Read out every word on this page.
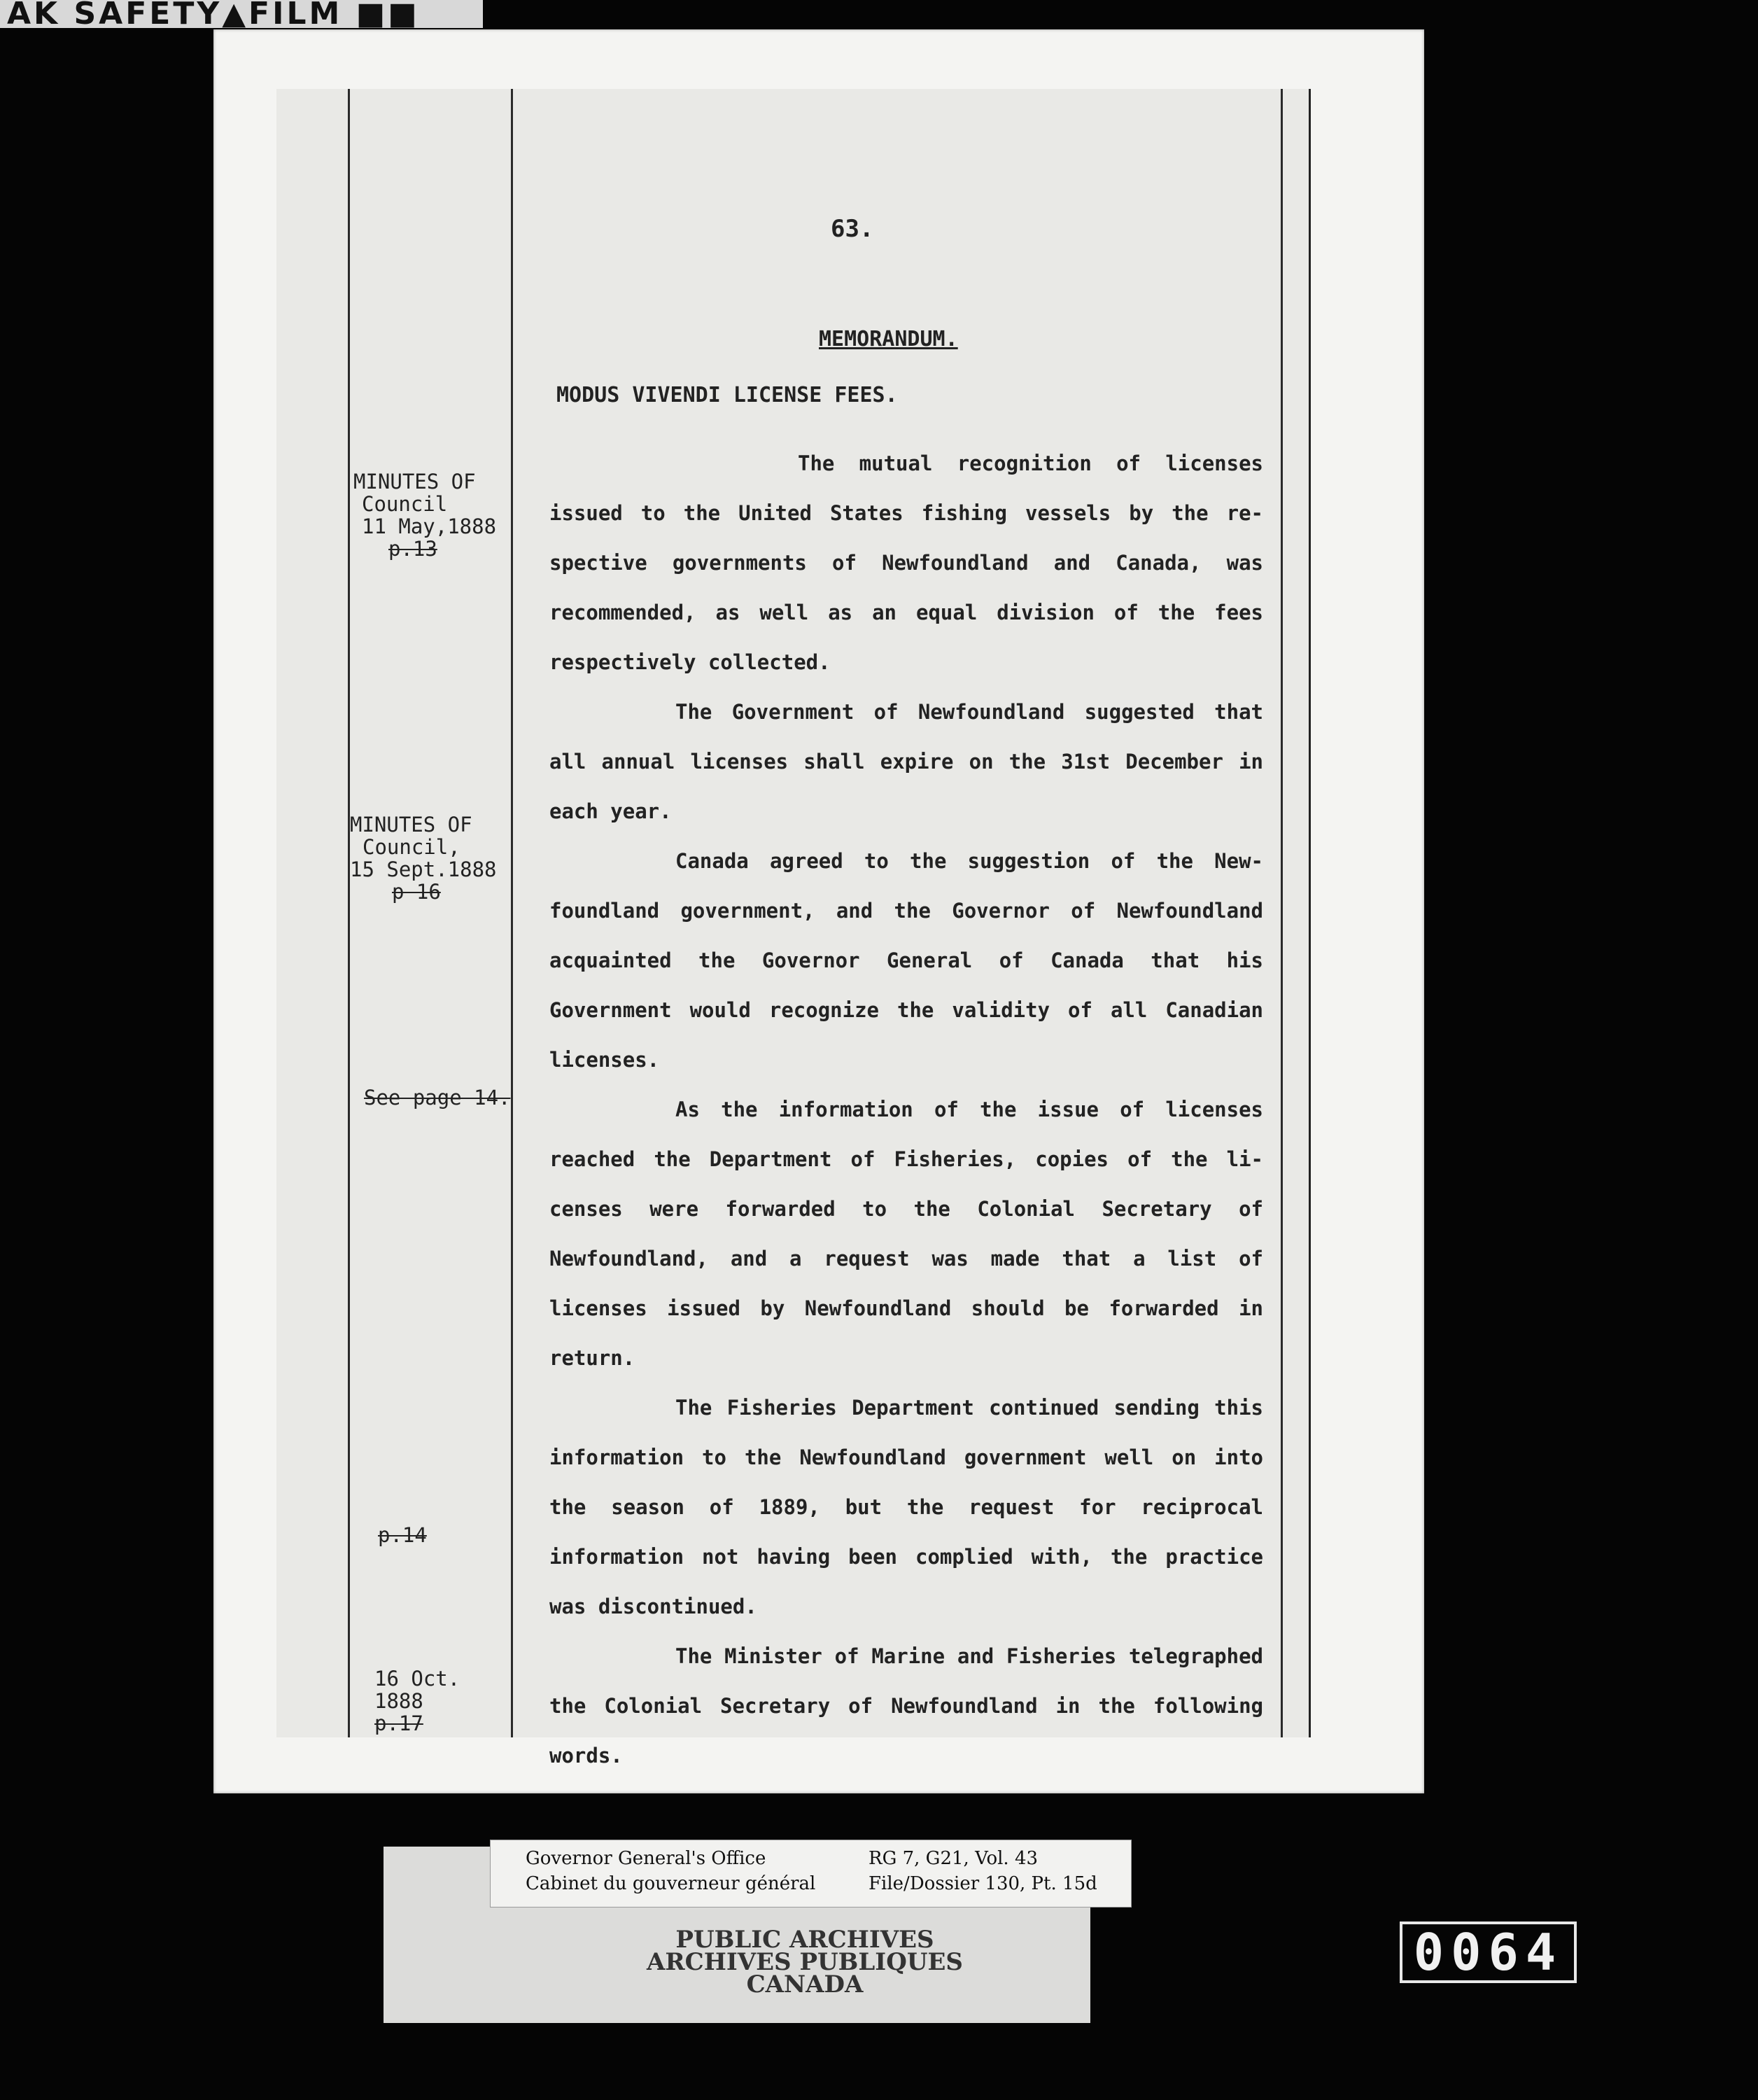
AK SAFETY▲FILM ■■
63.
MEMORANDUM.
MODUS VIVENDI LICENSE FEES.
MINUTES OF
Council
11 May,1888
p.13
MINUTES OF
Council,
15 Sept.1888
p 16
See page 14.
p.14
16 Oct.
1888
p.17

The mutual recognition of licenses issued to the United States fishing vessels by the re- spective governments of Newfoundland and Canada, was recommended, as well as an equal division of the fees respectively collected.

The Government of Newfoundland suggested that all annual licenses shall expire on the 31st December in each year.

Canada agreed to the suggestion of the New- foundland government, and the Governor of Newfoundland acquainted the Governor General of Canada that his Government would recognize the validity of all Canadian licenses.

As the information of the issue of licenses reached the Department of Fisheries, copies of the li- censes were forwarded to the Colonial Secretary of Newfoundland, and a request was made that a list of licenses issued by Newfoundland should be forwarded in return.

The Fisheries Department continued sending this information to the Newfoundland government well on into the season of 1889, but the request for reciprocal information not having been complied with, the practice was discontinued.

The Minister of Marine and Fisheries telegraphed the Colonial Secretary of Newfoundland in the following words.

Governor General's Office
Cabinet du gouverneur général
RG 7, G21, Vol. 43
File/Dossier 130, Pt. 15d
PUBLIC ARCHIVES
ARCHIVES PUBLIQUES
CANADA
0064
